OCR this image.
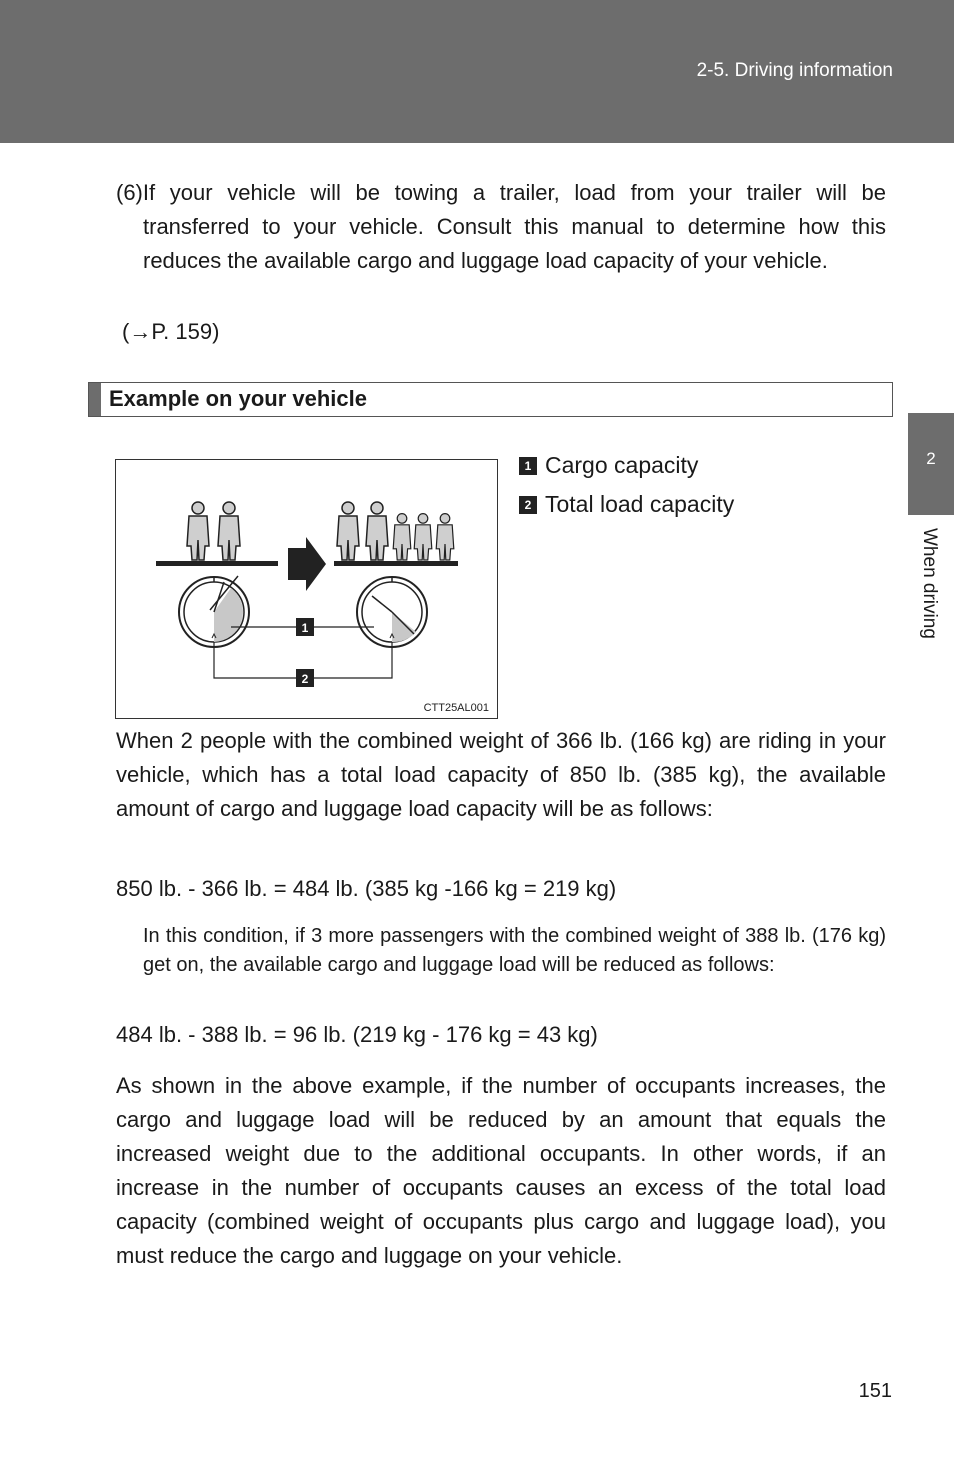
2-5. Driving information
2
When driving
(6)If your vehicle will be towing a trailer, load from your trailer will be transferred to your vehicle. Consult this manual to determine how this reduces the available cargo and luggage load capacity of your vehicle.
(→P. 159)
Example on your vehicle
1
2
CTT25AL001
1 Cargo capacity
2 Total load capacity
When 2 people with the combined weight of 366 lb. (166 kg) are riding in your vehicle, which has a total load capacity of 850 lb. (385 kg), the available amount of cargo and luggage load capacity will be as follows:
850 lb. - 366 lb. = 484 lb. (385 kg -166 kg = 219 kg)
In this condition, if 3 more passengers with the combined weight of 388 lb. (176 kg) get on, the available cargo and luggage load will be reduced as follows:
484 lb. - 388 lb. = 96 lb. (219 kg - 176 kg = 43 kg)
As shown in the above example, if the number of occupants increases, the cargo and luggage load will be reduced by an amount that equals the increased weight due to the additional occupants. In other words, if an increase in the number of occupants causes an excess of the total load capacity (combined weight of occupants plus cargo and luggage load), you must reduce the cargo and luggage on your vehicle.
151
